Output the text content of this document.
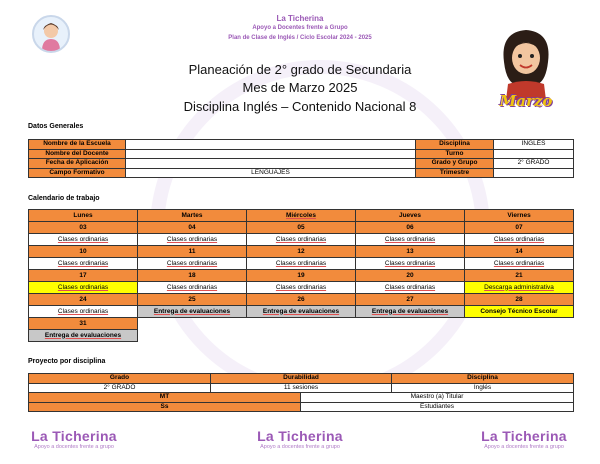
La Ticherina
Apoyo a Docentes frente a Grupo
Plan de Clase de Inglés / Ciclo Escolar 2024 - 2025
Planeación de 2° grado de Secundaria
Mes de Marzo 2025
Disciplina Inglés – Contenido Nacional 8	Marzo
Datos Generales
Nombre de la Escuela		Disciplina	INGLÉS
Nombre del Docente		Turno	
Fecha de Aplicación		Grado y Grupo	2° GRADO
Campo Formativo	LENGUAJES	Trimestre	
Calendario de trabajo
Lunes	Martes	Miércoles	Jueves	Viernes
03	04	05	06	07
Clases ordinarias	Clases ordinarias	Clases ordinarias	Clases ordinarias	Clases ordinarias
10	11	12	13	14
Clases ordinarias	Clases ordinarias	Clases ordinarias	Clases ordinarias	Clases ordinarias
17	18	19	20	21
Clases ordinarias	Clases ordinarias	Clases ordinarias	Clases ordinarias	Descarga administrativa
24	25	26	27	28
Clases ordinarias	Entrega de evaluaciones	Entrega de evaluaciones	Entrega de evaluaciones	Consejo Técnico Escolar
31				
Entrega de evaluaciones				
Proyecto por disciplina
Grado	Durabilidad		Disciplina
2° GRADO	11 sesiones		Inglés
MT		Maestro (a) Titular	
Ss		Estudiantes	
La Ticherina
Apoyo a docentes frente a grupo
La Ticherina
Apoyo a docentes frente a grupo
La Ticherina
Apoyo a docentes frente a grupo
